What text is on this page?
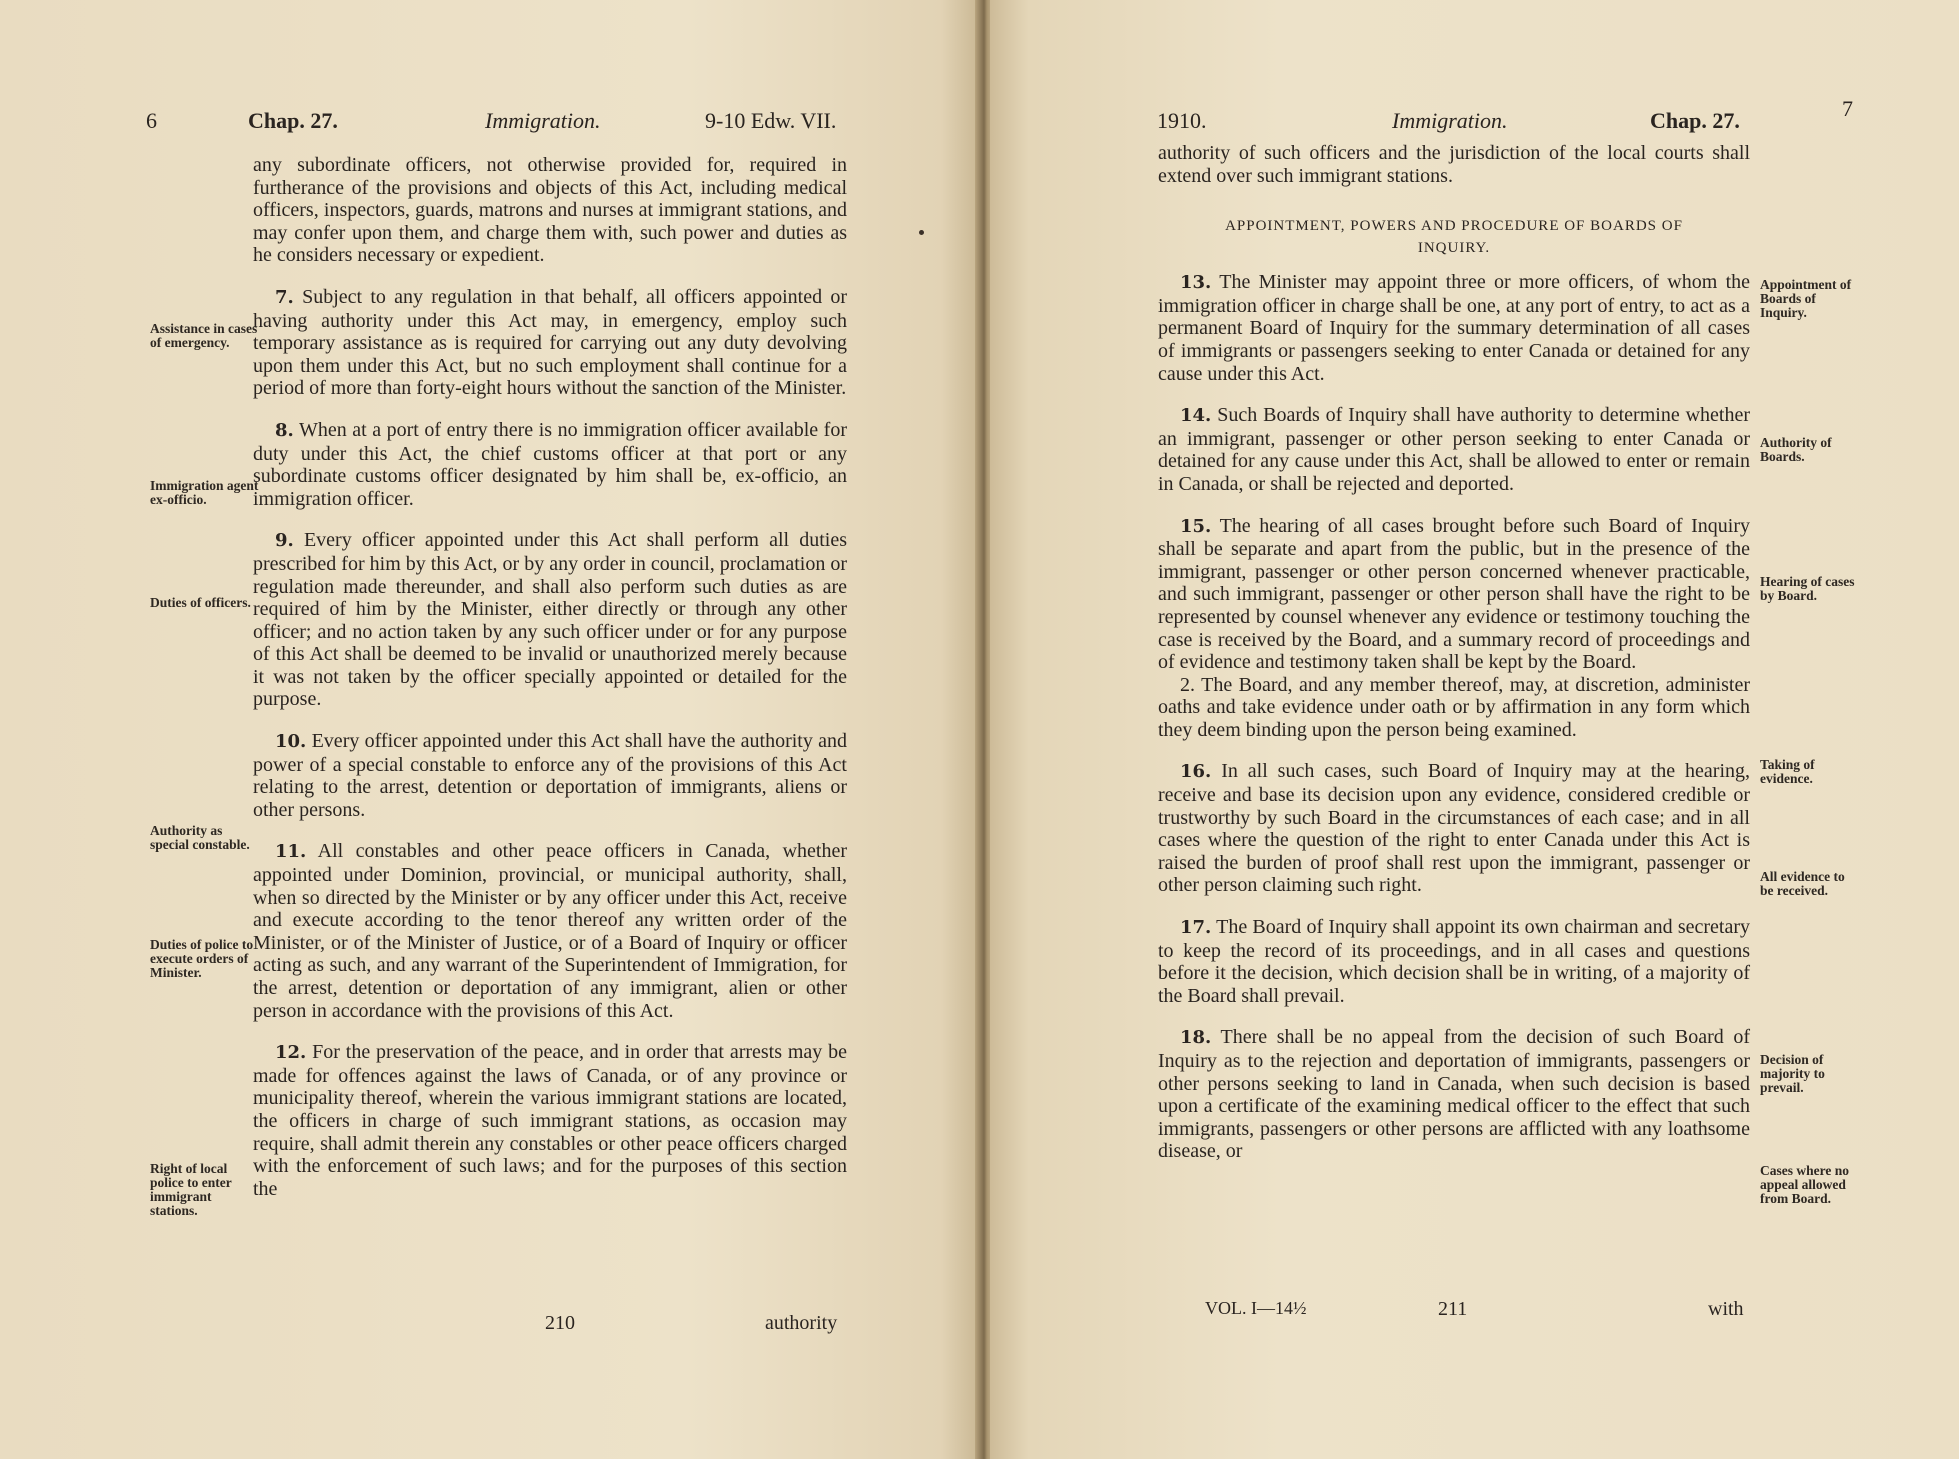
6	Chap. 27.	Immigration.	9-10 Edw. VII.

any subordinate officers, not otherwise provided for, required in furtherance of the provisions and objects of this Act, including medical officers, inspectors, guards, matrons and nurses at immigrant stations, and may confer upon them, and charge them with, such power and duties as he considers necessary or expedient.

7. Subject to any regulation in that behalf, all officers appointed or having authority under this Act may, in emergency, employ such temporary assistance as is required for carrying out any duty devolving upon them under this Act, but no such employment shall continue for a period of more than forty-eight hours without the sanction of the Minister.

8. When at a port of entry there is no immigration officer available for duty under this Act, the chief customs officer at that port or any subordinate customs officer designated by him shall be, ex-officio, an immigration officer.

9. Every officer appointed under this Act shall perform all duties prescribed for him by this Act, or by any order in council, proclamation or regulation made thereunder, and shall also perform such duties as are required of him by the Minister, either directly or through any other officer; and no action taken by any such officer under or for any purpose of this Act shall be deemed to be invalid or unauthorized merely because it was not taken by the officer specially appointed or detailed for the purpose.

10. Every officer appointed under this Act shall have the authority and power of a special constable to enforce any of the provisions of this Act relating to the arrest, detention or deportation of immigrants, aliens or other persons.

11. All constables and other peace officers in Canada, whether appointed under Dominion, provincial, or municipal authority, shall, when so directed by the Minister or by any officer under this Act, receive and execute according to the tenor thereof any written order of the Minister, or of the Minister of Justice, or of a Board of Inquiry or officer acting as such, and any warrant of the Superintendent of Immigration, for the arrest, detention or deportation of any immigrant, alien or other person in accordance with the provisions of this Act.

12. For the preservation of the peace, and in order that arrests may be made for offences against the laws of Canada, or of any province or municipality thereof, wherein the various immigrant stations are located, the officers in charge of such immigrant stations, as occasion may require, shall admit therein any constables or other peace officers charged with the enforcement of such laws; and for the purposes of this section the

Assistance in cases of emergency.
Immigration agent ex-officio.
Duties of officers.
Authority as special constable.
Duties of police to execute orders of Minister.
Right of local police to enter immigrant stations.
210	authority
1910.	Immigration.	Chap. 27.	7

authority of such officers and the jurisdiction of the local courts shall extend over such immigrant stations.

APPOINTMENT, POWERS AND PROCEDURE OF BOARDS OF INQUIRY.

13. The Minister may appoint three or more officers, of whom the immigration officer in charge shall be one, at any port of entry, to act as a permanent Board of Inquiry for the summary determination of all cases of immigrants or passengers seeking to enter Canada or detained for any cause under this Act.

14. Such Boards of Inquiry shall have authority to determine whether an immigrant, passenger or other person seeking to enter Canada or detained for any cause under this Act, shall be allowed to enter or remain in Canada, or shall be rejected and deported.

15. The hearing of all cases brought before such Board of Inquiry shall be separate and apart from the public, but in the presence of the immigrant, passenger or other person concerned whenever practicable, and such immigrant, passenger or other person shall have the right to be represented by counsel whenever any evidence or testimony touching the case is received by the Board, and a summary record of proceedings and of evidence and testimony taken shall be kept by the Board.

2. The Board, and any member thereof, may, at discretion, administer oaths and take evidence under oath or by affirmation in any form which they deem binding upon the person being examined.

16. In all such cases, such Board of Inquiry may at the hearing, receive and base its decision upon any evidence, considered credible or trustworthy by such Board in the circumstances of each case; and in all cases where the question of the right to enter Canada under this Act is raised the burden of proof shall rest upon the immigrant, passenger or other person claiming such right.

17. The Board of Inquiry shall appoint its own chairman and secretary to keep the record of its proceedings, and in all cases and questions before it the decision, which decision shall be in writing, of a majority of the Board shall prevail.

18. There shall be no appeal from the decision of such Board of Inquiry as to the rejection and deportation of immigrants, passengers or other persons seeking to land in Canada, when such decision is based upon a certificate of the examining medical officer to the effect that such immigrants, passengers or other persons are afflicted with any loathsome disease, or

Appointment of Boards of Inquiry.
Authority of Boards.
Hearing of cases by Board.
Taking of evidence.
All evidence to be received.
Decision of majority to prevail.
Cases where no appeal allowed from Board.
VOL. I—14½	211	with
